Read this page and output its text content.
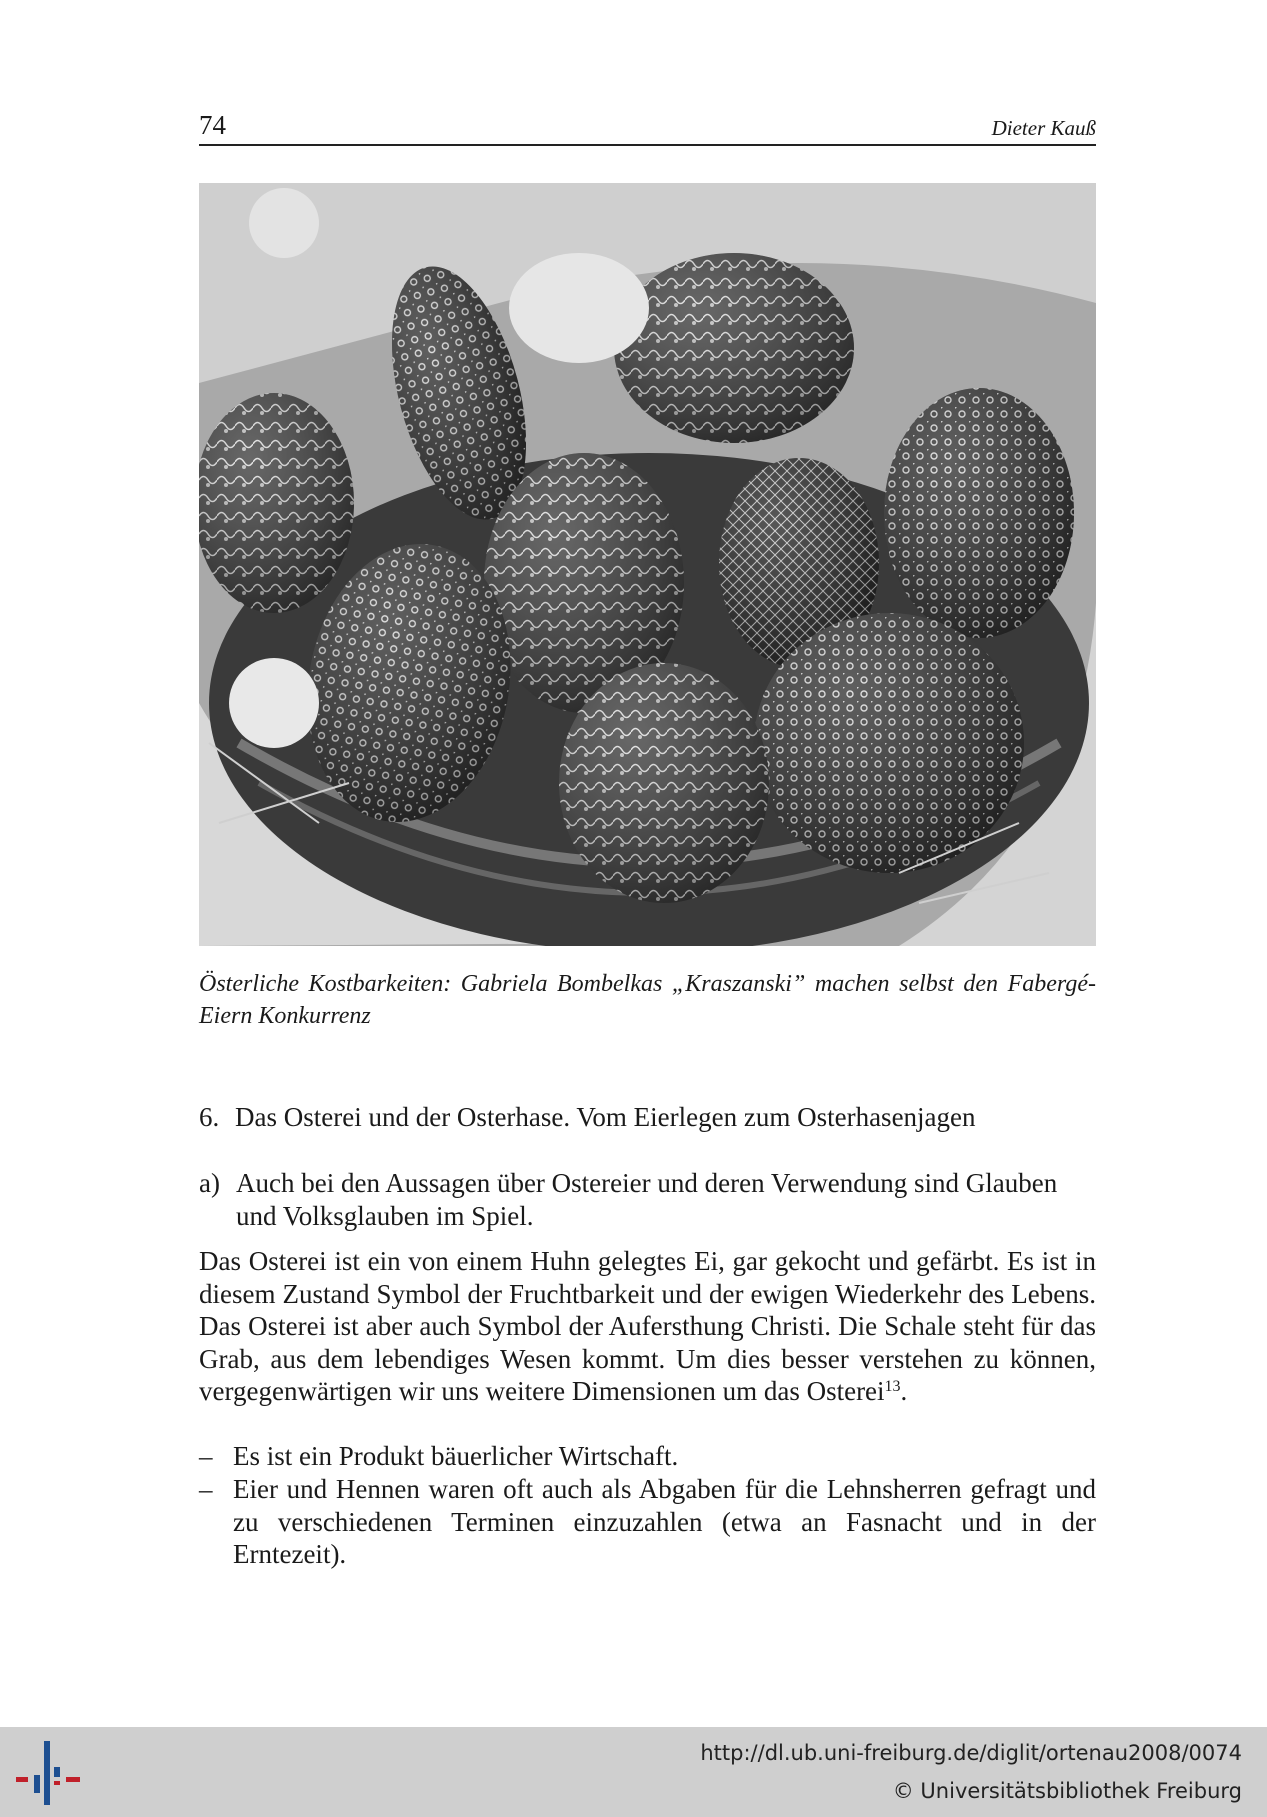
74	Dieter Kauß
Österliche Kostbarkeiten: Gabriela Bombelkas „Kraszanski” machen selbst den Fabergé-Eiern Konkurrenz
6. Das Osterei und der Osterhase. Vom Eierlegen zum Osterhasenjagen
a) Auch bei den Aussagen über Ostereier und deren Verwendung sind Glauben und Volksglauben im Spiel.

Das Osterei ist ein von einem Huhn gelegtes Ei, gar gekocht und gefärbt. Es ist in diesem Zustand Symbol der Fruchtbarkeit und der ewigen Wiederkehr des Lebens. Das Osterei ist aber auch Symbol der Aufersthung Christi. Die Schale steht für das Grab, aus dem lebendiges Wesen kommt. Um dies besser verstehen zu können, vergegenwärtigen wir uns weitere Dimensionen um das Osterei$^{13}$.

– Es ist ein Produkt bäuerlicher Wirtschaft.
– Eier und Hennen waren oft auch als Abgaben für die Lehnsherren gefragt und zu verschiedenen Terminen einzuzahlen (etwa an Fasnacht und in der Erntezeit).
http://dl.ub.uni-freiburg.de/diglit/ortenau2008/0074
© Universitätsbibliothek Freiburg
